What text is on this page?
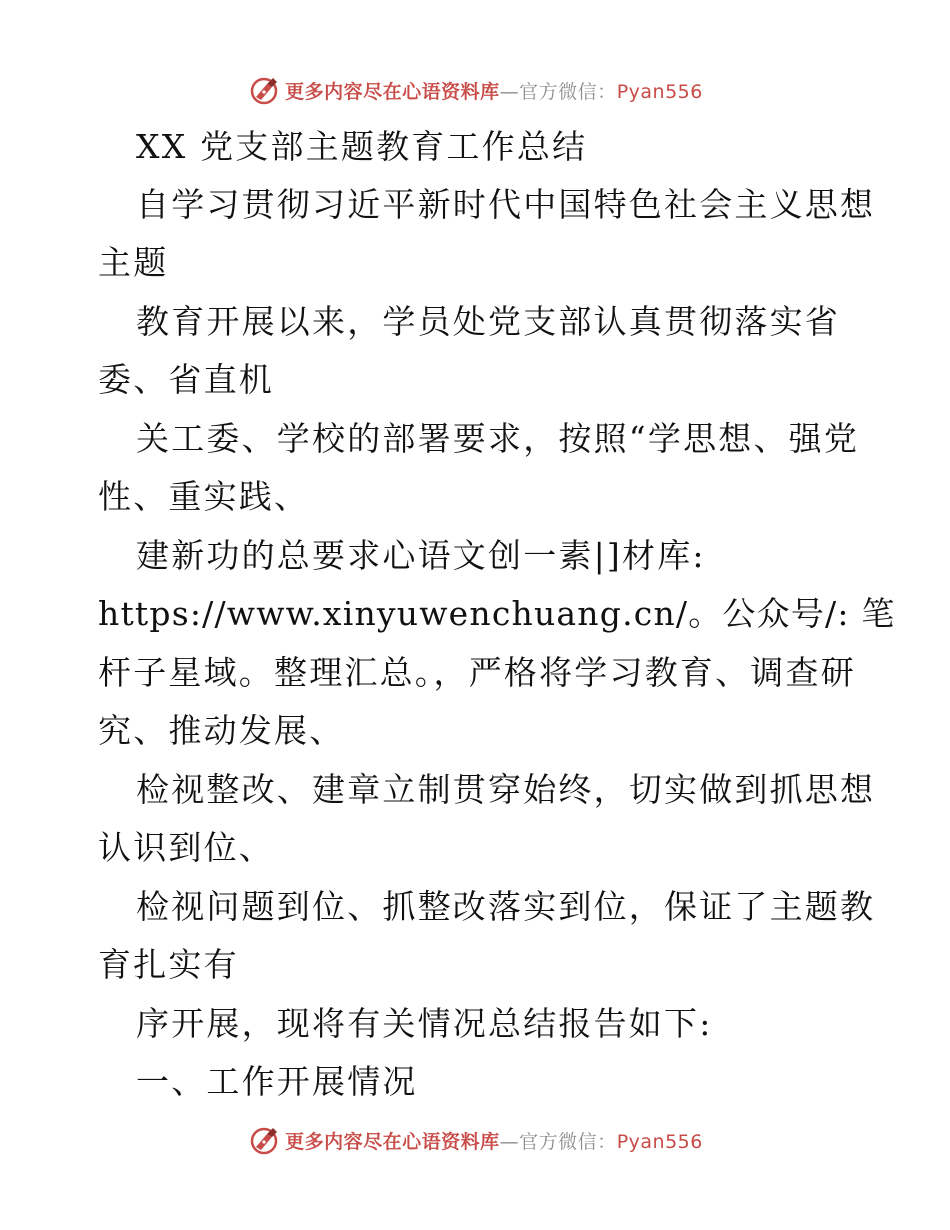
更多内容尽在心语资料库—官方微信：Pyan556
XX 党支部主题教育工作总结
自学习贯彻习近平新时代中国特色社会主义思想
主题
教育开展以来，学员处党支部认真贯彻落实省
委、省直机
关工委、学校的部署要求，按照“学思想、强党
性、重实践、
建新功的总要求心语文创一素|]材库:
https://www.xinyuwenchuang.cn/。公众号/: 笔
杆子星域。整理汇总。，严格将学习教育、调查研
究、推动发展、
检视整改、建章立制贯穿始终，切实做到抓思想
认识到位、
检视问题到位、抓整改落实到位，保证了主题教
育扎实有
序开展，现将有关情况总结报告如下:
一、工作开展情况
更多内容尽在心语资料库—官方微信：Pyan556
